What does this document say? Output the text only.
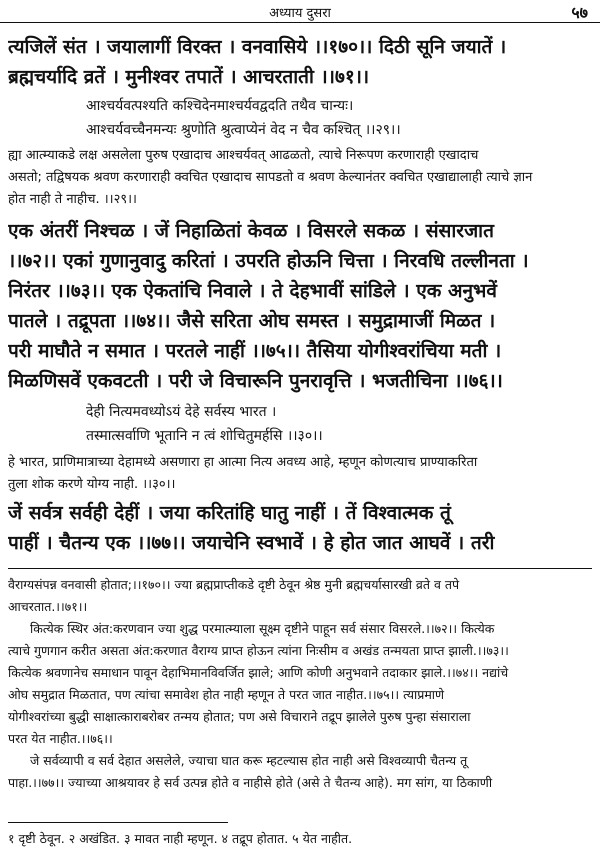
अध्याय दुसरा	५७
त्यजिलें संत । जयालागीं विरक्त । वनवासिये ।।१७०।। दिठी सूनि जयातें ।
ब्रह्मचर्यादि व्रतें । मुनीश्वर तपातें । आचरताती ।।७१।।
आश्चर्यवत्पश्यति कश्चिदेनमाश्चर्यवद्वदति तथैव चान्यः।
आश्चर्यवच्चैनमन्यः श्रुणोति श्रुत्वाप्येनं वेद न चैव कश्चित् ।।२९।।
ह्या आत्म्याकडे लक्ष असलेला पुरुष एखादाच आश्चर्यवत् आढळतो, त्याचे निरूपण करणाराही एखादाच
असतो; तद्विषयक श्रवण करणाराही क्वचित एखादाच सापडतो व श्रवण केल्यानंतर क्वचित एखाद्यालाही त्याचे ज्ञान
होत नाही ते नाहीच. ।।२९।।
एक अंतरीं निश्चळ । जें निहाळितां केवळ । विसरले सकळ । संसारजात
।।७२।। एकां गुणानुवादु करितां । उपरति होऊनि चित्ता । निरवधि तल्लीनता ।
निरंतर ।।७३।। एक ऐकतांचि निवाले । ते देहभावीं सांडिले । एक अनुभवें
पातले । तद्रूपता ।।७४।। जैसे सरिता ओघ समस्त । समुद्रामाजीं मिळत ।
परी माघौते न समात । परतले नाहीं ।।७५।। तैसिया योगीश्वरांचिया मती ।
मिळणिसवें एकवटती । परी जे विचारूनि पुनरावृत्ति । भजतीचिना ।।७६।।
देही नित्यमवध्योऽयं देहे सर्वस्य भारत ।
तस्मात्सर्वाणि भूतानि न त्वं शोचितुमर्हसि ।।३०।।
हे भारत, प्राणिमात्राच्या देहामध्ये असणारा हा आत्मा नित्य अवध्य आहे, म्हणून कोणत्याच प्राण्याकरिता
तुला शोक करणे योग्य नाही. ।।३०।।
जें सर्वत्र सर्वही देहीं । जया करितांहि घातु नाहीं । तें विश्वात्मक तूं
पाहीं । चैतन्य एक ।।७७।। जयाचेनि स्वभावें । हे होत जात आघवें । तरी
वैराग्यसंपन्न वनवासी होतात;।।१७०।। ज्या ब्रह्मप्राप्तीकडे दृष्टी ठेवून श्रेष्ठ मुनी ब्रह्मचर्यासारखी व्रते व तपे
आचरतात.।।७१।।
कित्येक स्थिर अंत:करणवान ज्या शुद्ध परमात्म्याला सूक्ष्म दृष्टीने पाहून सर्व संसार विसरले.।।७२।। कित्येक
त्याचे गुणगान करीत असता अंत:करणात वैराग्य प्राप्त होऊन त्यांना निःसीम व अखंड तन्मयता प्राप्त झाली.।।७३।।
कित्येक श्रवणानेच समाधान पावून देहाभिमानविवर्जित झाले; आणि कोणी अनुभवाने तदाकार झाले.।।७४।। नद्यांचे
ओघ समुद्रात मिळतात, पण त्यांचा समावेश होत नाही म्हणून ते परत जात नाहीत.।।७५।। त्याप्रमाणे
योगीश्वरांच्या बुद्धी साक्षात्काराबरोबर तन्मय होतात; पण असे विचाराने तद्रूप झालेले पुरुष पुन्हा संसाराला
परत येत नाहीत.।।७६।।
जे सर्वव्यापी व सर्व देहात असलेले, ज्याचा घात करू म्हटल्यास होत नाही असे विश्वव्यापी चैतन्य तू
पाहा.।।७७।। ज्याच्या आश्रयावर हे सर्व उत्पन्न होते व नाहीसे होते (असे ते चैतन्य आहे). मग सांग, या ठिकाणी
१ दृष्टी ठेवून. २ अखंडित. ३ मावत नाही म्हणून. ४ तद्रूप होतात. ५ येत नाहीत.
